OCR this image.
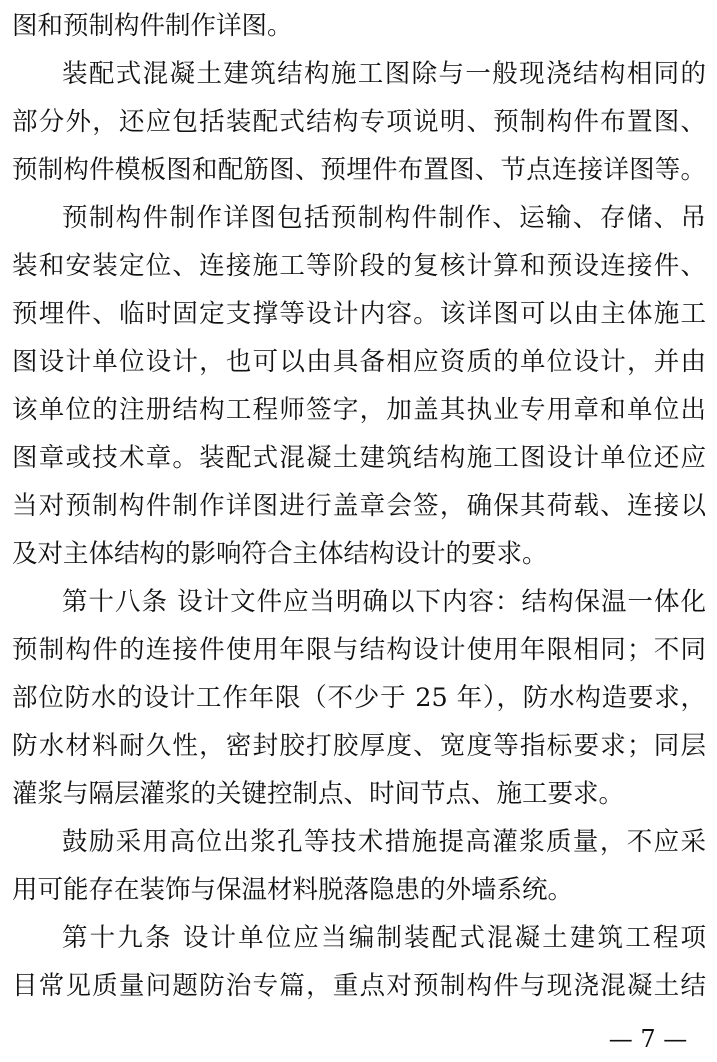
图和预制构件制作详图。
装配式混凝土建筑结构施工图除与一般现浇结构相同的
部分外，还应包括装配式结构专项说明、预制构件布置图、
预制构件模板图和配筋图、预埋件布置图、节点连接详图等。
预制构件制作详图包括预制构件制作、运输、存储、吊
装和安装定位、连接施工等阶段的复核计算和预设连接件、
预埋件、临时固定支撑等设计内容。该详图可以由主体施工
图设计单位设计，也可以由具备相应资质的单位设计，并由
该单位的注册结构工程师签字，加盖其执业专用章和单位出
图章或技术章。装配式混凝土建筑结构施工图设计单位还应
当对预制构件制作详图进行盖章会签，确保其荷载、连接以
及对主体结构的影响符合主体结构设计的要求。
第十八条 设计文件应当明确以下内容：结构保温一体化
预制构件的连接件使用年限与结构设计使用年限相同；不同
部位防水的设计工作年限（不少于 25 年），防水构造要求，
防水材料耐久性，密封胶打胶厚度、宽度等指标要求；同层
灌浆与隔层灌浆的关键控制点、时间节点、施工要求。
鼓励采用高位出浆孔等技术措施提高灌浆质量，不应采
用可能存在装饰与保温材料脱落隐患的外墙系统。
第十九条 设计单位应当编制装配式混凝土建筑工程项
目常见质量问题防治专篇，重点对预制构件与现浇混凝土结
— 7 —
